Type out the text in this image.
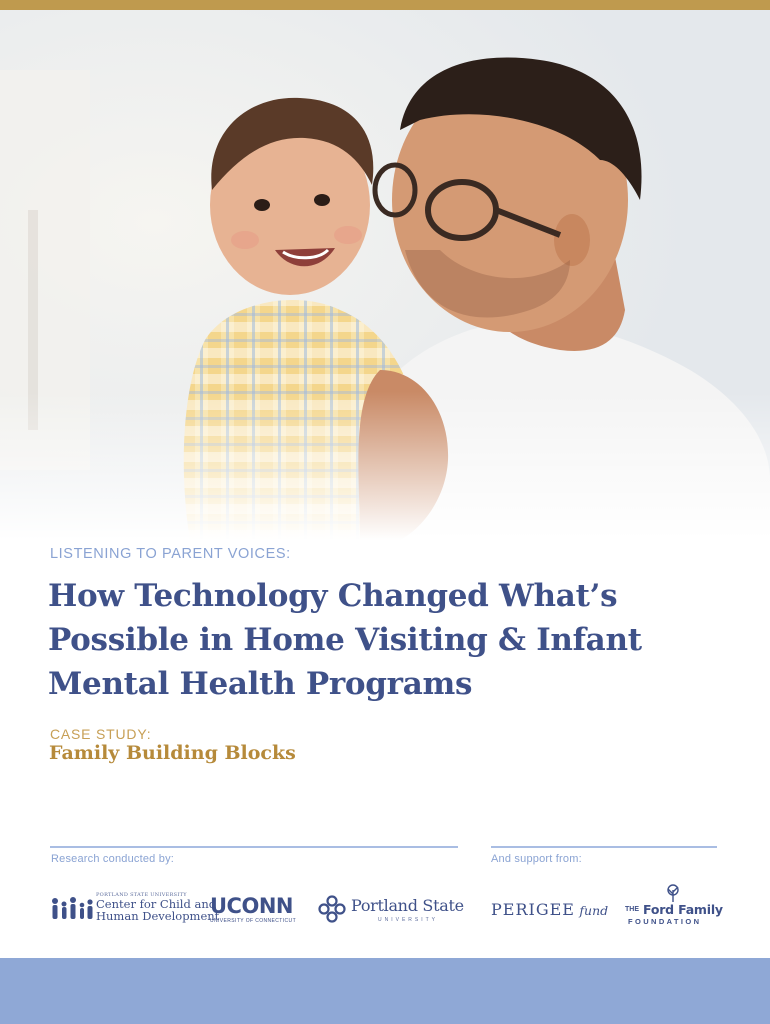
LISTENING TO PARENT VOICES:

How Technology Changed What’s
Possible in Home Visiting & Infant
Mental Health Programs

CASE STUDY:

Family Building Blocks

Research conducted by:	And support from:
PORTLAND STATE UNIVERSITY
Center for Child and
Human Development
UCONN
UNIVERSITY OF CONNECTICUT
Portland State
UNIVERSITY
PERIGEE fund THE Ford Family
FOUNDATION
